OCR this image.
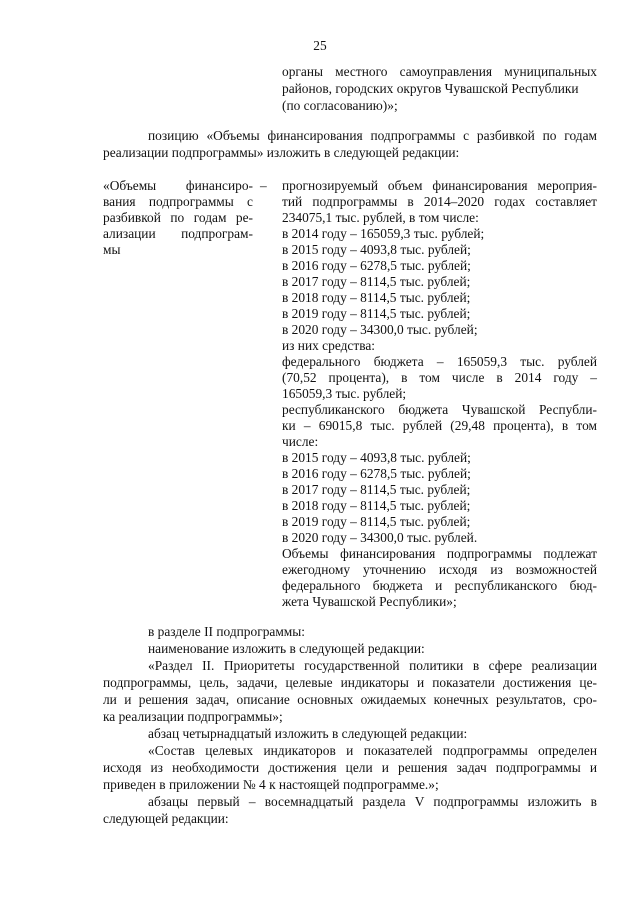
25
органы местного самоуправления муниципальных
районов, городских округов Чувашской Республики
(по согласованию)»;
позицию «Объемы финансирования подпрограммы с разбивкой по годам
реализации подпрограммы» изложить в следующей редакции:
«Объемы финансиро-
вания подпрограммы с
разбивкой по годам ре-
ализации подпрограм-
мы
– прогнозируемый объем финансирования мероприя-
тий подпрограммы в 2014–2020 годах составляет
234075,1 тыс. рублей, в том числе:
в 2014 году – 165059,3 тыс. рублей;
в 2015 году – 4093,8 тыс. рублей;
в 2016 году – 6278,5 тыс. рублей;
в 2017 году – 8114,5 тыс. рублей;
в 2018 году – 8114,5 тыс. рублей;
в 2019 году – 8114,5 тыс. рублей;
в 2020 году – 34300,0 тыс. рублей;
из них средства:
федерального бюджета – 165059,3 тыс. рублей
(70,52 процента), в том числе в 2014 году –
165059,3 тыс. рублей;
республиканского бюджета Чувашской Республи-
ки – 69015,8 тыс. рублей (29,48 процента), в том
числе:
в 2015 году – 4093,8 тыс. рублей;
в 2016 году – 6278,5 тыс. рублей;
в 2017 году – 8114,5 тыс. рублей;
в 2018 году – 8114,5 тыс. рублей;
в 2019 году – 8114,5 тыс. рублей;
в 2020 году – 34300,0 тыс. рублей.
Объемы финансирования подпрограммы подлежат
ежегодному уточнению исходя из возможностей
федерального бюджета и республиканского бюд-
жета Чувашской Республики»;
в разделе II подпрограммы:
наименование изложить в следующей редакции:
«Раздел II. Приоритеты государственной политики в сфере реализации
подпрограммы, цель, задачи, целевые индикаторы и показатели достижения це-
ли и решения задач, описание основных ожидаемых конечных результатов, сро-
ка реализации подпрограммы»;
абзац четырнадцатый изложить в следующей редакции:
«Состав целевых индикаторов и показателей подпрограммы определен
исходя из необходимости достижения цели и решения задач подпрограммы и
приведен в приложении № 4 к настоящей подпрограмме.»;
абзацы первый – восемнадцатый раздела V подпрограммы изложить в
следующей редакции:
